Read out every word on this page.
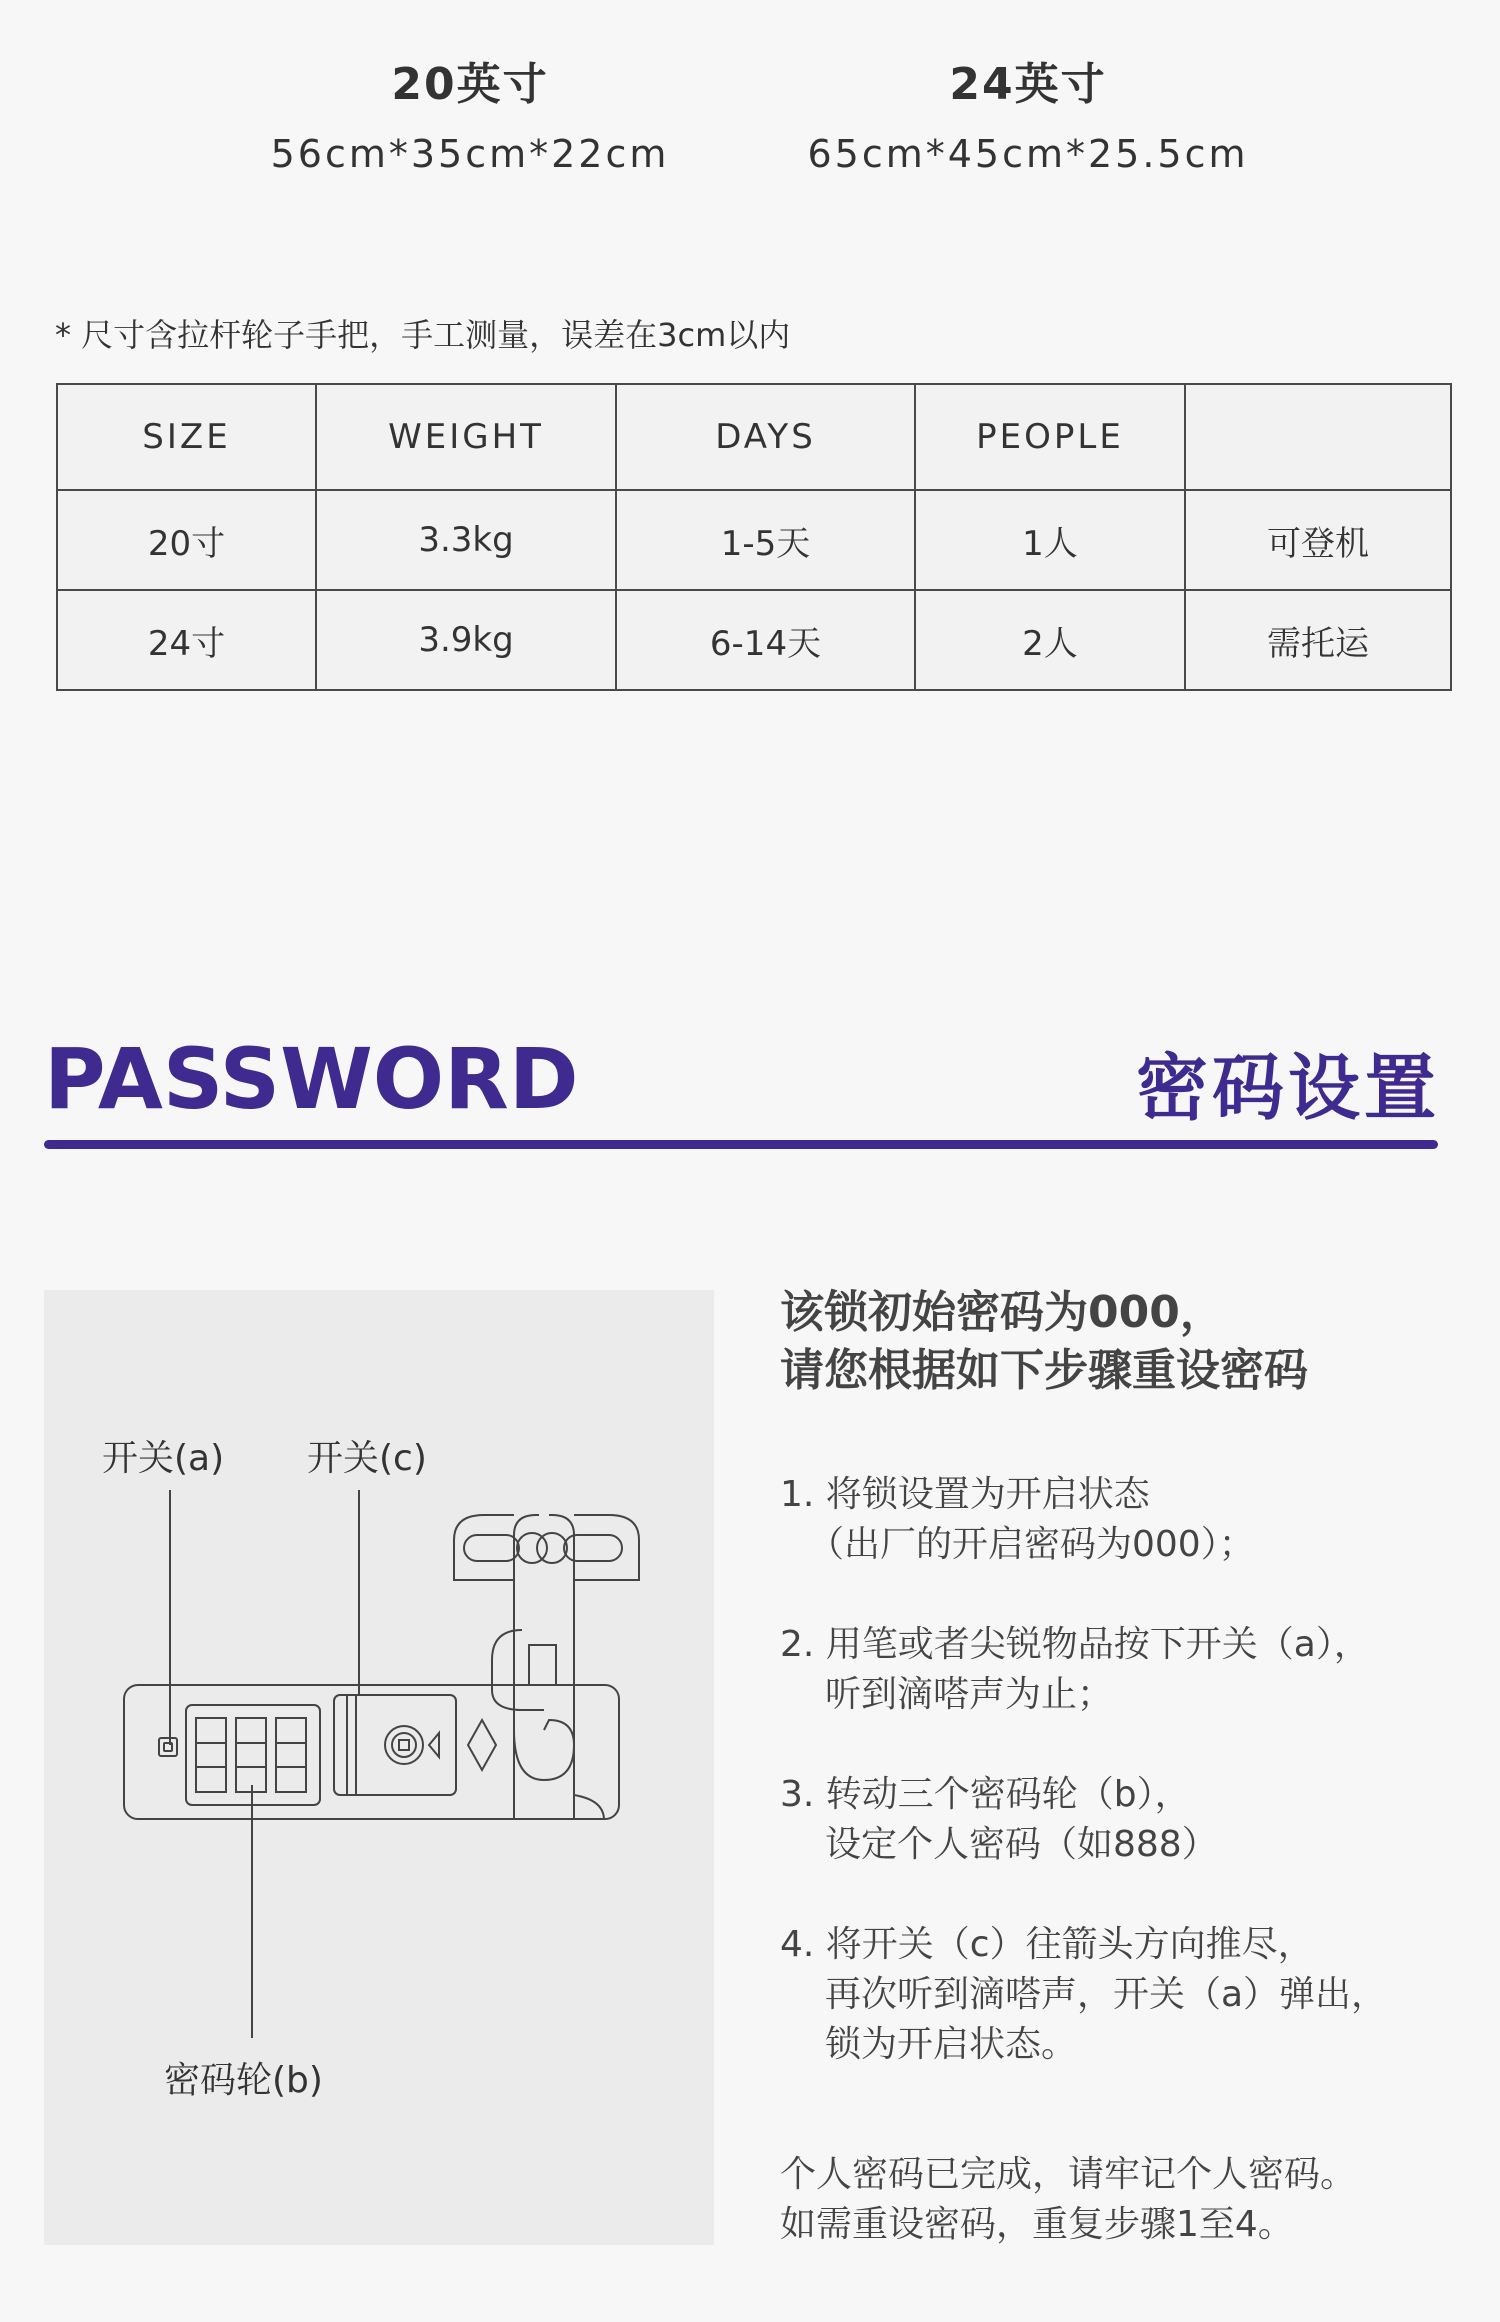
20英寸
56cm*35cm*22cm
24英寸
65cm*45cm*25.5cm
* 尺寸含拉杆轮子手把，手工测量，误差在3cm以内
SIZE	WEIGHT	DAYS	PEOPLE	
20寸	3.3kg	1-5天	1人	可登机
24寸	3.9kg	6-14天	2人	需托运
PASSWORD	密码设置
开关(a) 开关(c)
密码轮(b)
该锁初始密码为000，
请您根据如下步骤重设密码
1. 将锁设置为开启状态
（出厂的开启密码为000）；
2. 用笔或者尖锐物品按下开关（a），
听到滴嗒声为止；
3. 转动三个密码轮（b），
设定个人密码（如888）
4. 将开关（c）往箭头方向推尽，
再次听到滴嗒声，开关（a）弹出，
锁为开启状态。
个人密码已完成，请牢记个人密码。
如需重设密码，重复步骤1至4。
